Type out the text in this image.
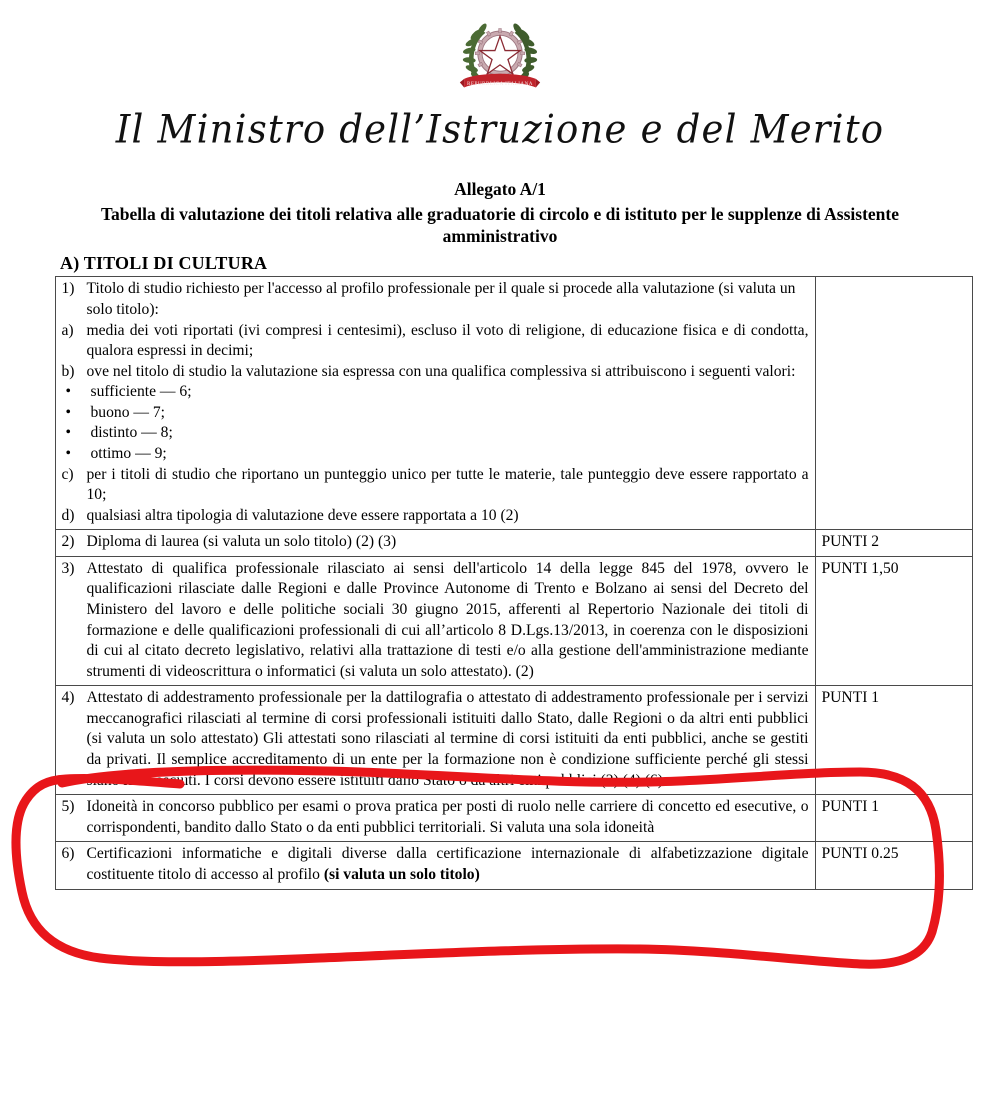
REPUBBLICA ITALIANA
Il Ministro dell’Istruzione e del Merito
Allegato A/1
Tabella di valutazione dei titoli relativa alle graduatorie di circolo e di istituto per le supplenze di Assistente amministrativo
A) TITOLI DI CULTURA
1) Titolo di studio richiesto per l'accesso al profilo professionale per il quale si procede alla valutazione (si valuta un solo titolo):
a) media dei voti riportati (ivi compresi i centesimi), escluso il voto di religione, di educazione fisica e di condotta, qualora espressi in decimi;
b) ove nel titolo di studio la valutazione sia espressa con una qualifica complessiva si attribuiscono i seguenti valori:
•	sufficiente — 6;
•	buono — 7;
•	distinto — 8;
•	ottimo — 9;
c) per i titoli di studio che riportano un punteggio unico per tutte le materie, tale punteggio deve essere rapportato a 10;
d) qualsiasi altra tipologia di valutazione deve essere rapportata a 10 (2)

2) Diploma di laurea (si valuta un solo titolo) (2) (3)	PUNTI 2

3) Attestato di qualifica professionale rilasciato ai sensi dell'articolo 14 della legge 845 del 1978, ovvero le qualificazioni rilasciate dalle Regioni e dalle Province Autonome di Trento e Bolzano ai sensi del Decreto del Ministero del lavoro e delle politiche sociali 30 giugno 2015, afferenti al Repertorio Nazionale dei titoli di formazione e delle qualificazioni professionali di cui all’articolo 8 D.Lgs.13/2013, in coerenza con le disposizioni di cui al citato decreto legislativo, relativi alla trattazione di testi e/o alla gestione dell'amministrazione mediante strumenti di videoscrittura o informatici (si valuta un solo attestato). (2)	PUNTI 1,50

4) Attestato di addestramento professionale per la dattilografia o attestato di addestramento professionale per i servizi meccanografici rilasciati al termine di corsi professionali istituiti dallo Stato, dalle Regioni o da altri enti pubblici (si valuta un solo attestato) Gli attestati sono rilasciati al termine di corsi istituiti da enti pubblici, anche se gestiti da privati. Il semplice accreditamento di un ente per la formazione non è condizione sufficiente perché gli stessi siano riconosciuti. I corsi devono essere istituiti dallo Stato o da altri enti pubblici (2) (4) (6).	PUNTI 1

5) Idoneità in concorso pubblico per esami o prova pratica per posti di ruolo nelle carriere di concetto ed esecutive, o corrispondenti, bandito dallo Stato o da enti pubblici territoriali. Si valuta una sola idoneità	PUNTI 1

6) Certificazioni informatiche e digitali diverse dalla certificazione internazionale di alfabetizzazione digitale costituente titolo di accesso al profilo (si valuta un solo titolo)	PUNTI 0.25
